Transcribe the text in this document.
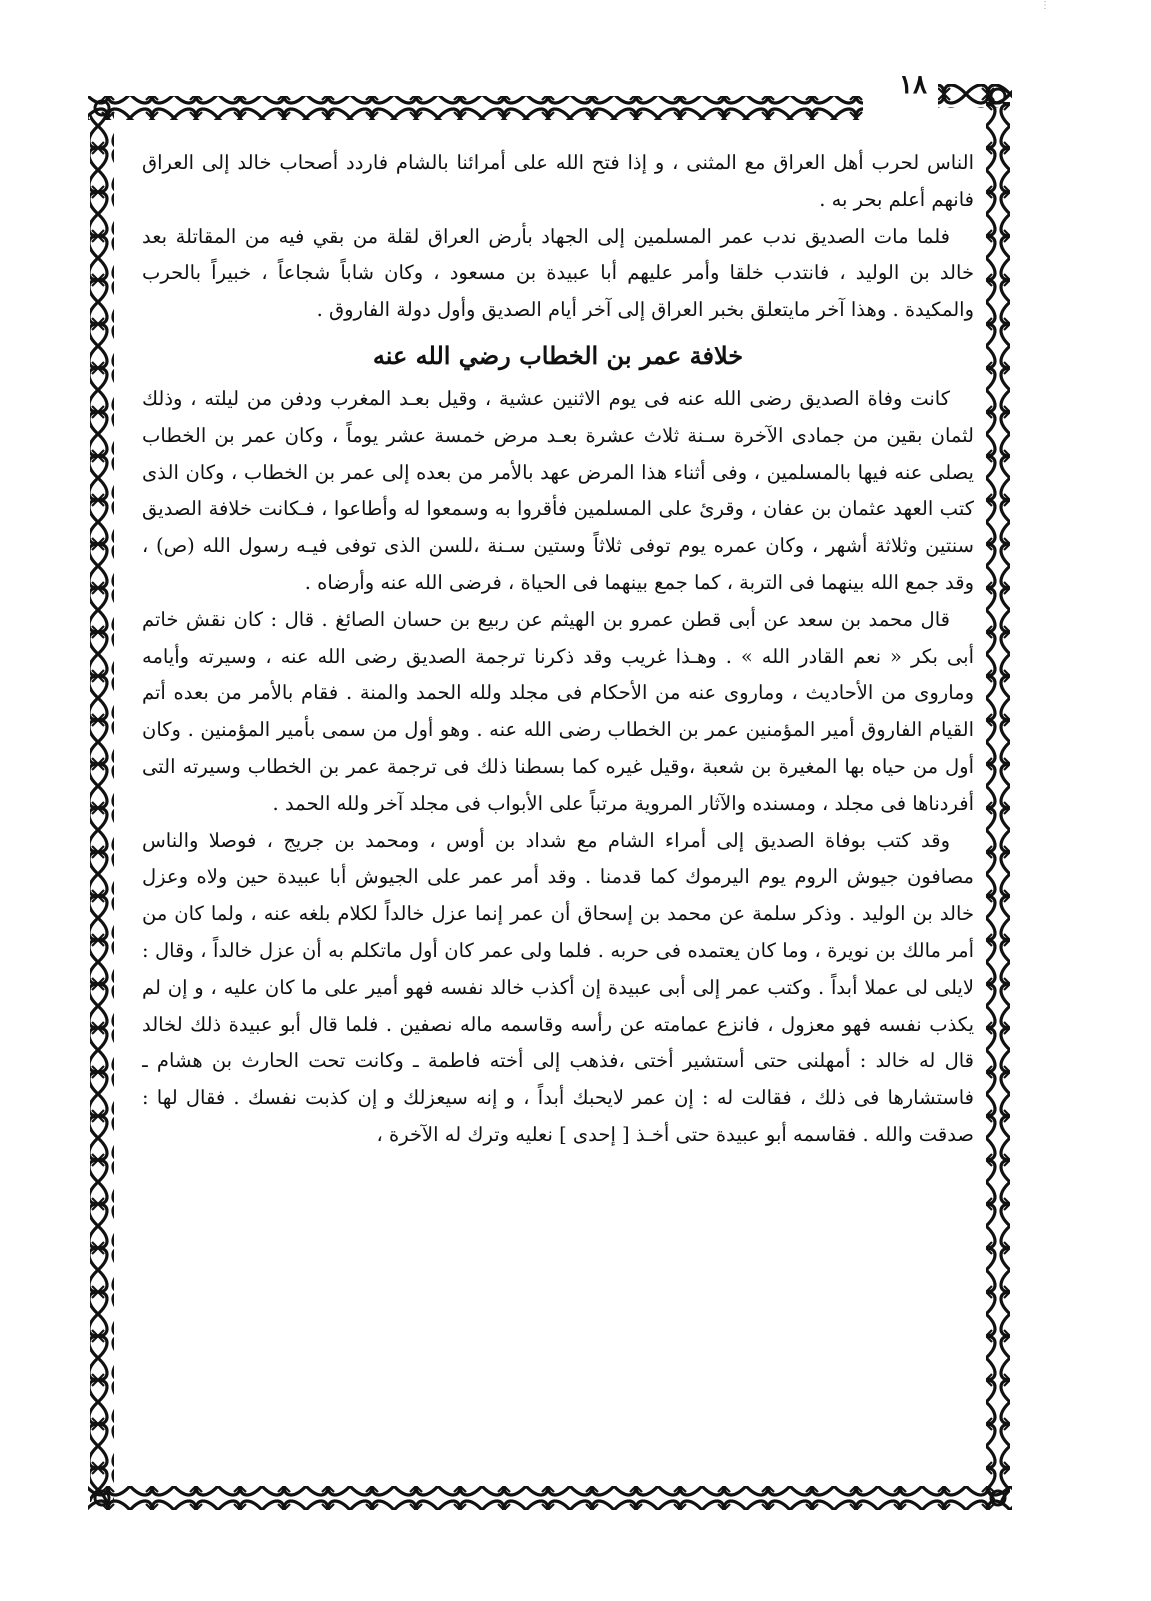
⋮
١٨

الناس لحرب أهل العراق مع المثنى ، و إذا فتح الله على أمرائنا بالشام فاردد أصحاب خالد إلى العراق فانهم أعلم بحر به .

فلما مات الصديق ندب عمر المسلمين إلى الجهاد بأرض العراق لقلة من بقي فيه من المقاتلة بعد خالد بن الوليد ، فانتدب خلقا وأمر عليهم أبا عبيدة بن مسعود ، وكان شاباً شجاعاً ، خبيراً بالحرب والمكيدة . وهذا آخر مايتعلق بخبر العراق إلى آخر أيام الصديق وأول دولة الفاروق .

خلافة عمر بن الخطاب رضي الله عنه

كانت وفاة الصديق رضى الله عنه فى يوم الاثنين عشية ، وقيل بعـد المغرب ودفن من ليلته ، وذلك لثمان بقين من جمادى الآخرة سـنة ثلاث عشرة بعـد مرض خمسة عشر يوماً ، وكان عمر بن الخطاب يصلى عنه فيها بالمسلمين ، وفى أثناء هذا المرض عهد بالأمر من بعده إلى عمر بن الخطاب ، وكان الذى كتب العهد عثمان بن عفان ، وقرئ على المسلمين فأقروا به وسمعوا له وأطاعوا ، فـكانت خلافة الصديق سنتين وثلاثة أشهر ، وكان عمره يوم توفى ثلاثاً وستين سـنة ،للسن الذى توفى فيـه رسول الله (ص) ، وقد جمع الله بينهما فى التربة ، كما جمع بينهما فى الحياة ، فرضى الله عنه وأرضاه .

قال محمد بن سعد عن أبى قطن عمرو بن الهيثم عن ربيع بن حسان الصائغ . قال : كان نقش خاتم أبى بكر « نعم القادر الله » . وهـذا غريب وقد ذكرنا ترجمة الصديق رضى الله عنه ، وسيرته وأيامه وماروى من الأحاديث ، وماروى عنه من الأحكام فى مجلد ولله الحمد والمنة . فقام بالأمر من بعده أتم القيام الفاروق أمير المؤمنين عمر بن الخطاب رضى الله عنه . وهو أول من سمى بأمير المؤمنين . وكان أول من حياه بها المغيرة بن شعبة ،وقيل غيره كما بسطنا ذلك فى ترجمة عمر بن الخطاب وسيرته التى أفردناها فى مجلد ، ومسنده والآثار المروية مرتباً على الأبواب فى مجلد آخر ولله الحمد .

وقد كتب بوفاة الصديق إلى أمراء الشام مع شداد بن أوس ، ومحمد بن جريج ، فوصلا والناس مصافون جيوش الروم يوم اليرموك كما قدمنا . وقد أمر عمر على الجيوش أبا عبيدة حين ولاه وعزل خالد بن الوليد . وذكر سلمة عن محمد بن إسحاق أن عمر إنما عزل خالداً لكلام بلغه عنه ، ولما كان من أمر مالك بن نويرة ، وما كان يعتمده فى حربه . فلما ولى عمر كان أول ماتكلم به أن عزل خالداً ، وقال : لايلى لى عملا أبداً . وكتب عمر إلى أبى عبيدة إن أكذب خالد نفسه فهو أمير على ما كان عليه ، و إن لم يكذب نفسه فهو معزول ، فانزع عمامته عن رأسه وقاسمه ماله نصفين . فلما قال أبو عبيدة ذلك لخالد قال له خالد : أمهلنى حتى أستشير أختى ،فذهب إلى أخته فاطمة ـ وكانت تحت الحارث بن هشام ـ فاستشارها فى ذلك ، فقالت له : إن عمر لايحبك أبداً ، و إنه سيعزلك و إن كذبت نفسك . فقال لها : صدقت والله . فقاسمه أبو عبيدة حتى أخـذ [ إحدى ] نعليه وترك له الآخرة ،
